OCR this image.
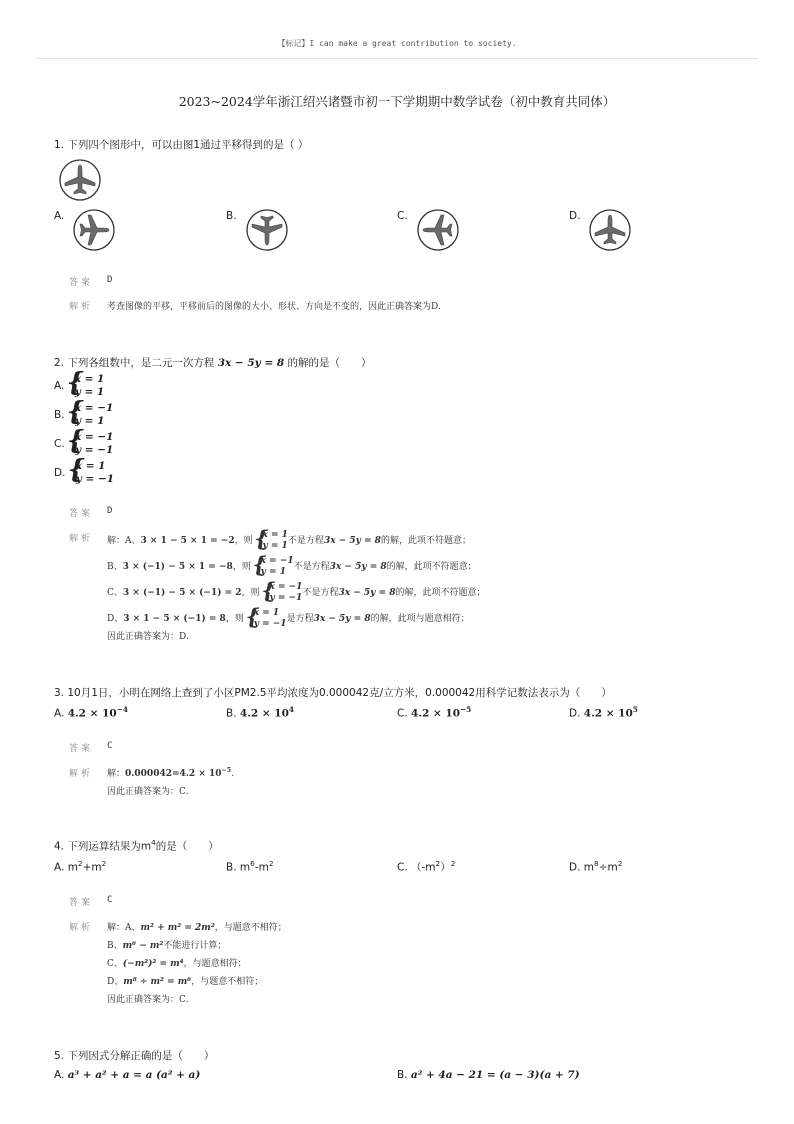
【标记】I can make a great contribution to society.
2023~2024学年浙江绍兴诸暨市初一下学期期中数学试卷（初中教育共同体）
1. 下列四个图形中，可以由图1通过平移得到的是（ ）
A.	B.	C.	D.
答案 D
解析 考查图像的平移，平移前后的图像的大小、形状、方向是不变的，因此正确答案为D.
2. 下列各组数中，是二元一次方程 3x − 5y = 8 的解的是（　　）
A.
{ x = 1
y = 1
B.
{ x = −1
y = 1
C.
{ x = −1
y = −1
D.
{ x = 1
y = −1
答案 D
解析 解：A、3 × 1 − 5 × 1 = −2，则
{ x = 1
y = 1 不是方程3x − 5y = 8的解，此项不符题意；
B、3 × (−1) − 5 × 1 = −8，则
{ x = −1
y = 1 不是方程3x − 5y = 8的解，此项不符题意；
C、3 × (−1) − 5 × (−1) = 2，则
{ x = −1
y = −1 不是方程3x − 5y = 8的解，此项不符题意；
D、3 × 1 − 5 × (−1) = 8，则
{ x = 1
y = −1 是方程3x − 5y = 8的解，此项与题意相符；
因此正确答案为：D.
3. 10月1日，小明在网络上查到了小区PM2.5平均浓度为0.000042克/立方米，0.000042用科学记数法表示为（　　）
A. $4.2 \times 10^{-4}$	B. $4.2 \times 10^4$	C. $4.2 \times 10^{-5}$	D. $4.2 \times 10^5$
答案 C
解析 解：$0.000042=4.2 \times 10^{-5}$.
因此正确答案为：C.
4. 下列运算结果为$m^4$的是（　　）
A. $m^2+m^2$	B. $m^6-m^2$	C. $(-m^2)^2$	D. $m^8\div m^2$
答案 C
解析 解：A、m² + m² = 2m²，与题意不相符；
B、m⁶ − m²不能进行计算；
C、(−m²)² = m⁴，与题意相符；
D、m⁸ ÷ m² = m⁶，与题意不相符；
因此正确答案为：C.
5. 下列因式分解正确的是（　　）
A. a³ + a² + a = a (a² + a)	B. a² + 4a − 21 = (a − 3)(a + 7)
